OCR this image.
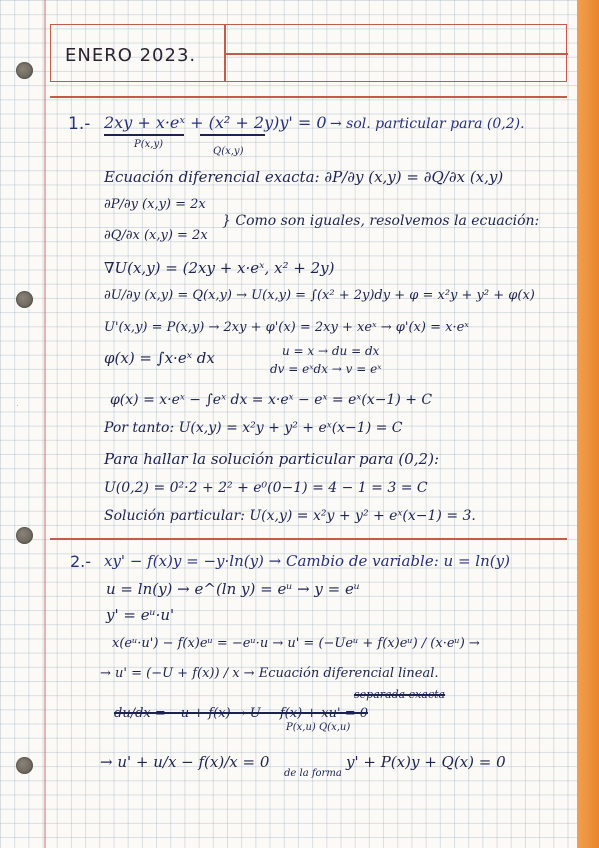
·
ENERO 2023.
1.- 2xy + x·eˣ + (x² + 2y)y' = 0
P(x,y)
Q(x,y)
→ sol. particular para (0,2).
Ecuación diferencial exacta: ∂P/∂y (x,y) = ∂Q/∂x (x,y)
∂P/∂y (x,y) = 2x
∂Q/∂x (x,y) = 2x
} Como son iguales, resolvemos la ecuación:
∇U(x,y) = (2xy + x·eˣ, x² + 2y)
∂U/∂y (x,y) = Q(x,y) → U(x,y) = ∫(x² + 2y)dy + φ = x²y + y² + φ(x)
U'(x,y) = P(x,y) → 2xy + φ'(x) = 2xy + xeˣ → φ'(x) = x·eˣ
φ(x) = ∫x·eˣ dx	u = x → du = dx
dv = eˣdx → v = eˣ
φ(x) = x·eˣ − ∫eˣ dx = x·eˣ − eˣ = eˣ(x−1) + C
Por tanto: U(x,y) = x²y + y² + eˣ(x−1) = C
Para hallar la solución particular para (0,2):
U(0,2) = 0²·2 + 2² + e⁰(0−1) = 4 − 1 = 3 = C
Solución particular: U(x,y) = x²y + y² + eˣ(x−1) = 3.
2.- xy' − f(x)y = −y·ln(y) → Cambio de variable: u = ln(y)
u = ln(y) → e^(ln y) = eᵘ → y = eᵘ
y' = eᵘ·u'
x(eᵘ·u') − f(x)eᵘ = −eᵘ·u → u' = (−Ueᵘ + f(x)eᵘ) / (x·eᵘ) →
→ u' = (−U + f(x)) / x → Ecuación diferencial lineal.
separada exacta
du/dx = −u + f(x) → U − f(x) + xu' = 0
P(x,u) Q(x,u)
→ u' + u/x − f(x)/x = 0
de la forma
y' + P(x)y + Q(x) = 0
